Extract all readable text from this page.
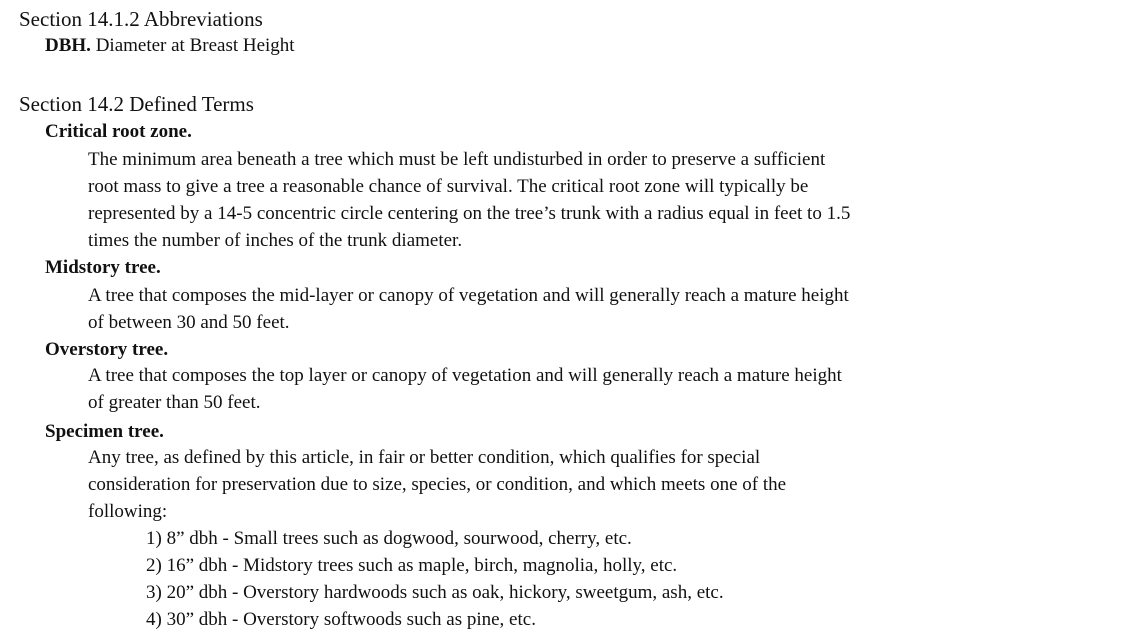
Section 14.1.2 Abbreviations
DBH. Diameter at Breast Height
Section 14.2 Defined Terms
Critical root zone.
The minimum area beneath a tree which must be left undisturbed in order to preserve a sufficient
root mass to give a tree a reasonable chance of survival. The critical root zone will typically be
represented by a 14-5 concentric circle centering on the tree’s trunk with a radius equal in feet to 1.5
times the number of inches of the trunk diameter.
Midstory tree.
A tree that composes the mid-layer or canopy of vegetation and will generally reach a mature height
of between 30 and 50 feet.
Overstory tree.
A tree that composes the top layer or canopy of vegetation and will generally reach a mature height
of greater than 50 feet.
Specimen tree.
Any tree, as defined by this article, in fair or better condition, which qualifies for special
consideration for preservation due to size, species, or condition, and which meets one of the
following:
1) 8” dbh - Small trees such as dogwood, sourwood, cherry, etc.
2) 16” dbh - Midstory trees such as maple, birch, magnolia, holly, etc.
3) 20” dbh - Overstory hardwoods such as oak, hickory, sweetgum, ash, etc.
4) 30” dbh - Overstory softwoods such as pine, etc.
